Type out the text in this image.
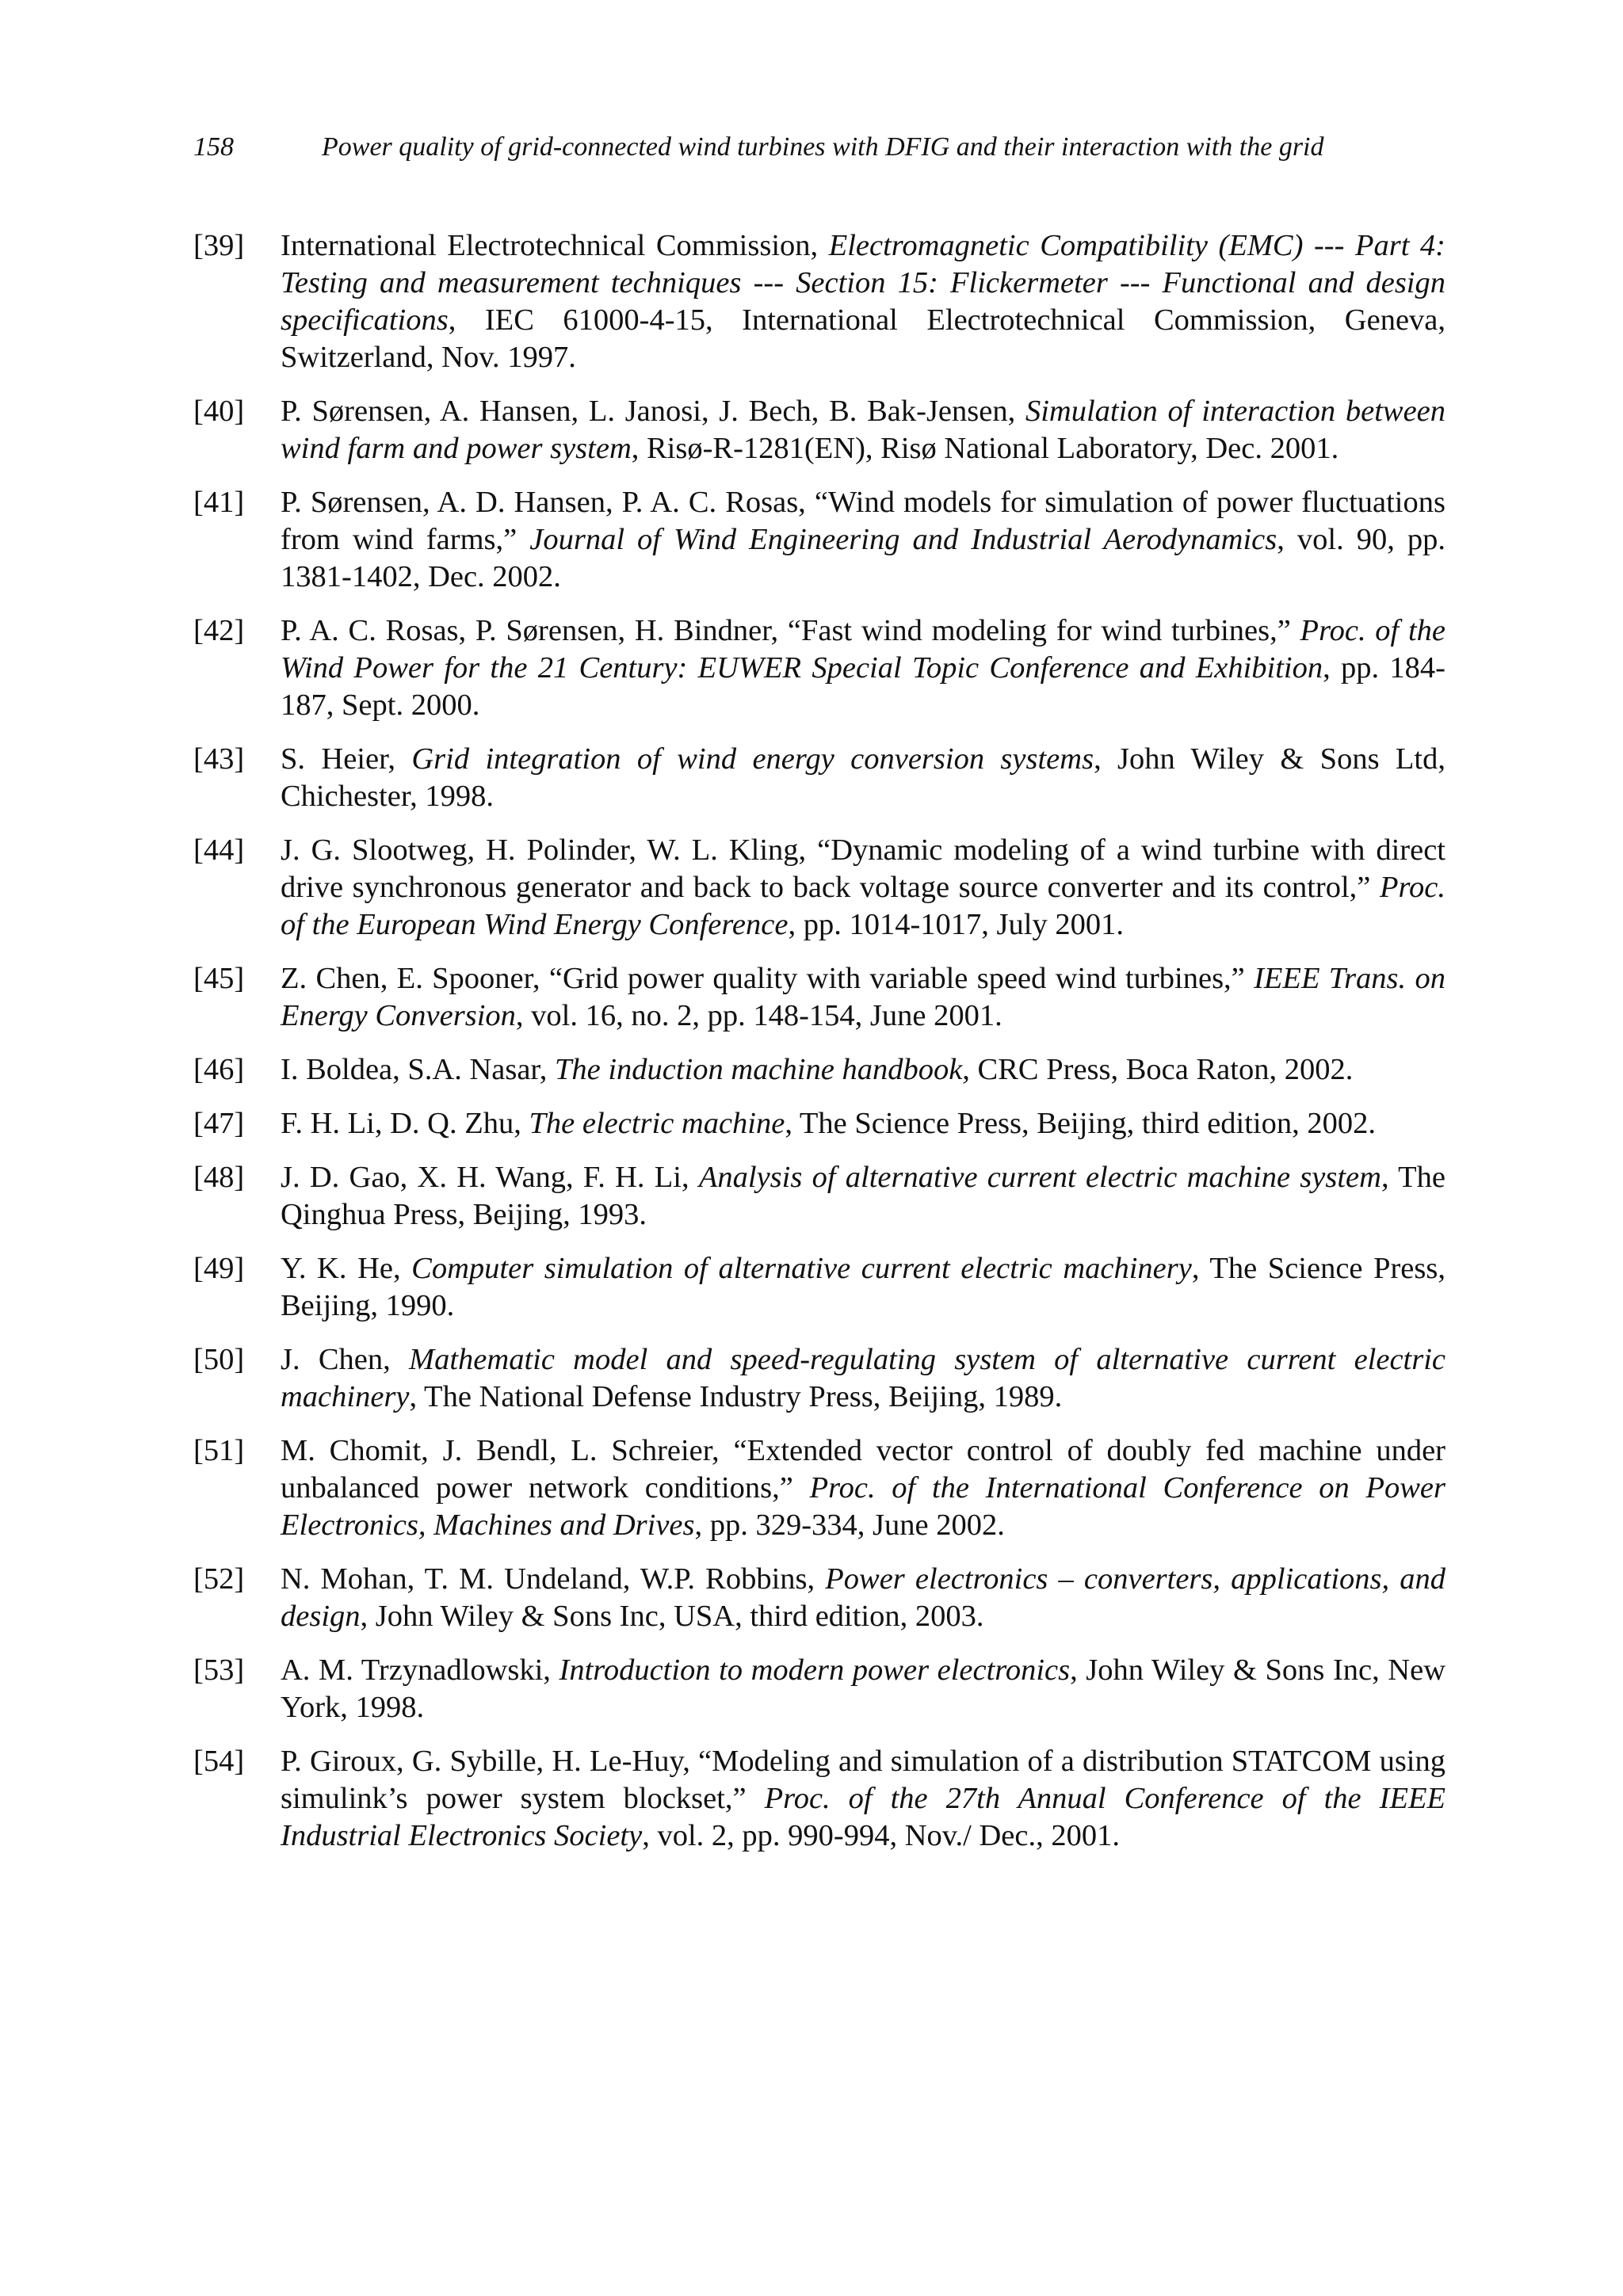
158	Power quality of grid-connected wind turbines with DFIG and their interaction with the grid
[39]	International Electrotechnical Commission, Electromagnetic Compatibility (EMC) --- Part 4: Testing and measurement techniques --- Section 15: Flickermeter --- Functional and design specifications, IEC 61000-4-15, International Electrotechnical Commission, Geneva, Switzerland, Nov. 1997.
[40]	P. Sørensen, A. Hansen, L. Janosi, J. Bech, B. Bak-Jensen, Simulation of interaction between wind farm and power system, Risø-R-1281(EN), Risø National Laboratory, Dec. 2001.
[41]	P. Sørensen, A. D. Hansen, P. A. C. Rosas, “Wind models for simulation of power fluctuations from wind farms,” Journal of Wind Engineering and Industrial Aerodynamics, vol. 90, pp. 1381-1402, Dec. 2002.
[42]	P. A. C. Rosas, P. Sørensen, H. Bindner, “Fast wind modeling for wind turbines,” Proc. of the Wind Power for the 21 Century: EUWER Special Topic Conference and Exhibition, pp. 184-187, Sept. 2000.
[43]	S. Heier, Grid integration of wind energy conversion systems, John Wiley & Sons Ltd, Chichester, 1998.
[44]	J. G. Slootweg, H. Polinder, W. L. Kling, “Dynamic modeling of a wind turbine with direct drive synchronous generator and back to back voltage source converter and its control,” Proc. of the European Wind Energy Conference, pp. 1014-1017, July 2001.
[45]	Z. Chen, E. Spooner, “Grid power quality with variable speed wind turbines,” IEEE Trans. on Energy Conversion, vol. 16, no. 2, pp. 148-154, June 2001.
[46]	I. Boldea, S.A. Nasar, The induction machine handbook, CRC Press, Boca Raton, 2002.
[47]	F. H. Li, D. Q. Zhu, The electric machine, The Science Press, Beijing, third edition, 2002.
[48]	J. D. Gao, X. H. Wang, F. H. Li, Analysis of alternative current electric machine system, The Qinghua Press, Beijing, 1993.
[49]	Y. K. He, Computer simulation of alternative current electric machinery, The Science Press, Beijing, 1990.
[50]	J. Chen, Mathematic model and speed-regulating system of alternative current electric machinery, The National Defense Industry Press, Beijing, 1989.
[51]	M. Chomit, J. Bendl, L. Schreier, “Extended vector control of doubly fed machine under unbalanced power network conditions,” Proc. of the International Conference on Power Electronics, Machines and Drives, pp. 329-334, June 2002.
[52]	N. Mohan, T. M. Undeland, W.P. Robbins, Power electronics – converters, applications, and design, John Wiley & Sons Inc, USA, third edition, 2003.
[53]	A. M. Trzynadlowski, Introduction to modern power electronics, John Wiley & Sons Inc, New York, 1998.
[54]	P. Giroux, G. Sybille, H. Le-Huy, “Modeling and simulation of a distribution STATCOM using simulink’s power system blockset,” Proc. of the 27th Annual Conference of the IEEE Industrial Electronics Society, vol. 2, pp. 990-994, Nov./ Dec., 2001.
